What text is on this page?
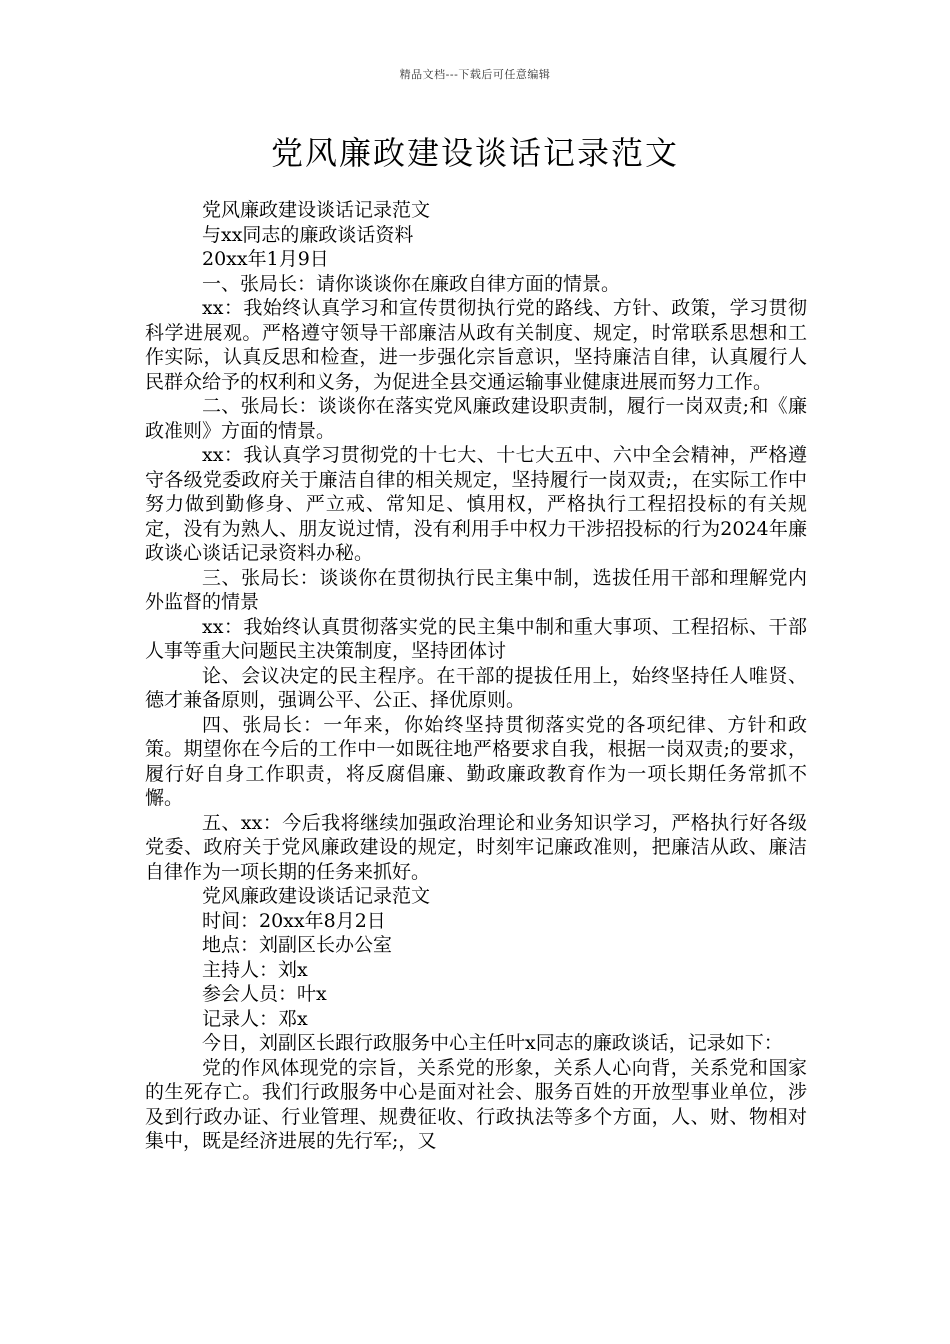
精品文档---下载后可任意编辑
党风廉政建设谈话记录范文

党风廉政建设谈话记录范文

与xx同志的廉政谈话资料

20xx年1月9日

一、张局长：请你谈谈你在廉政自律方面的情景。

xx：我始终认真学习和宣传贯彻执行党的路线、方针、政策，学习贯彻科学进展观。严格遵守领导干部廉洁从政有关制度、规定，时常联系思想和工作实际，认真反思和检查，进一步强化宗旨意识，坚持廉洁自律，认真履行人民群众给予的权利和义务，为促进全县交通运输事业健康进展而努力工作。

二、张局长：谈谈你在落实党风廉政建设职责制，履行一岗双责;和《廉政准则》方面的情景。

xx：我认真学习贯彻党的十七大、十七大五中、六中全会精神，严格遵守各级党委政府关于廉洁自律的相关规定，坚持履行一岗双责;，在实际工作中努力做到勤修身、严立戒、常知足、慎用权，严格执行工程招投标的有关规定，没有为熟人、朋友说过情，没有利用手中权力干涉招投标的行为2024年廉政谈心谈话记录资料办秘。

三、张局长：谈谈你在贯彻执行民主集中制，选拔任用干部和理解党内外监督的情景

xx：我始终认真贯彻落实党的民主集中制和重大事项、工程招标、干部人事等重大问题民主决策制度，坚持团体讨

论、会议决定的民主程序。在干部的提拔任用上，始终坚持任人唯贤、德才兼备原则，强调公平、公正、择优原则。

四、张局长：一年来，你始终坚持贯彻落实党的各项纪律、方针和政策。期望你在今后的工作中一如既往地严格要求自我，根据一岗双责;的要求，履行好自身工作职责，将反腐倡廉、勤政廉政教育作为一项长期任务常抓不懈。

五、xx：今后我将继续加强政治理论和业务知识学习，严格执行好各级党委、政府关于党风廉政建设的规定，时刻牢记廉政准则，把廉洁从政、廉洁自律作为一项长期的任务来抓好。

党风廉政建设谈话记录范文

时间：20xx年8月2日

地点：刘副区长办公室

主持人：刘x

参会人员：叶x

记录人：邓x

今日，刘副区长跟行政服务中心主任叶x同志的廉政谈话，记录如下：

党的作风体现党的宗旨，关系党的形象，关系人心向背，关系党和国家的生死存亡。我们行政服务中心是面对社会、服务百姓的开放型事业单位，涉及到行政办证、行业管理、规费征收、行政执法等多个方面，人、财、物相对集中，既是经济进展的先行军;，又
